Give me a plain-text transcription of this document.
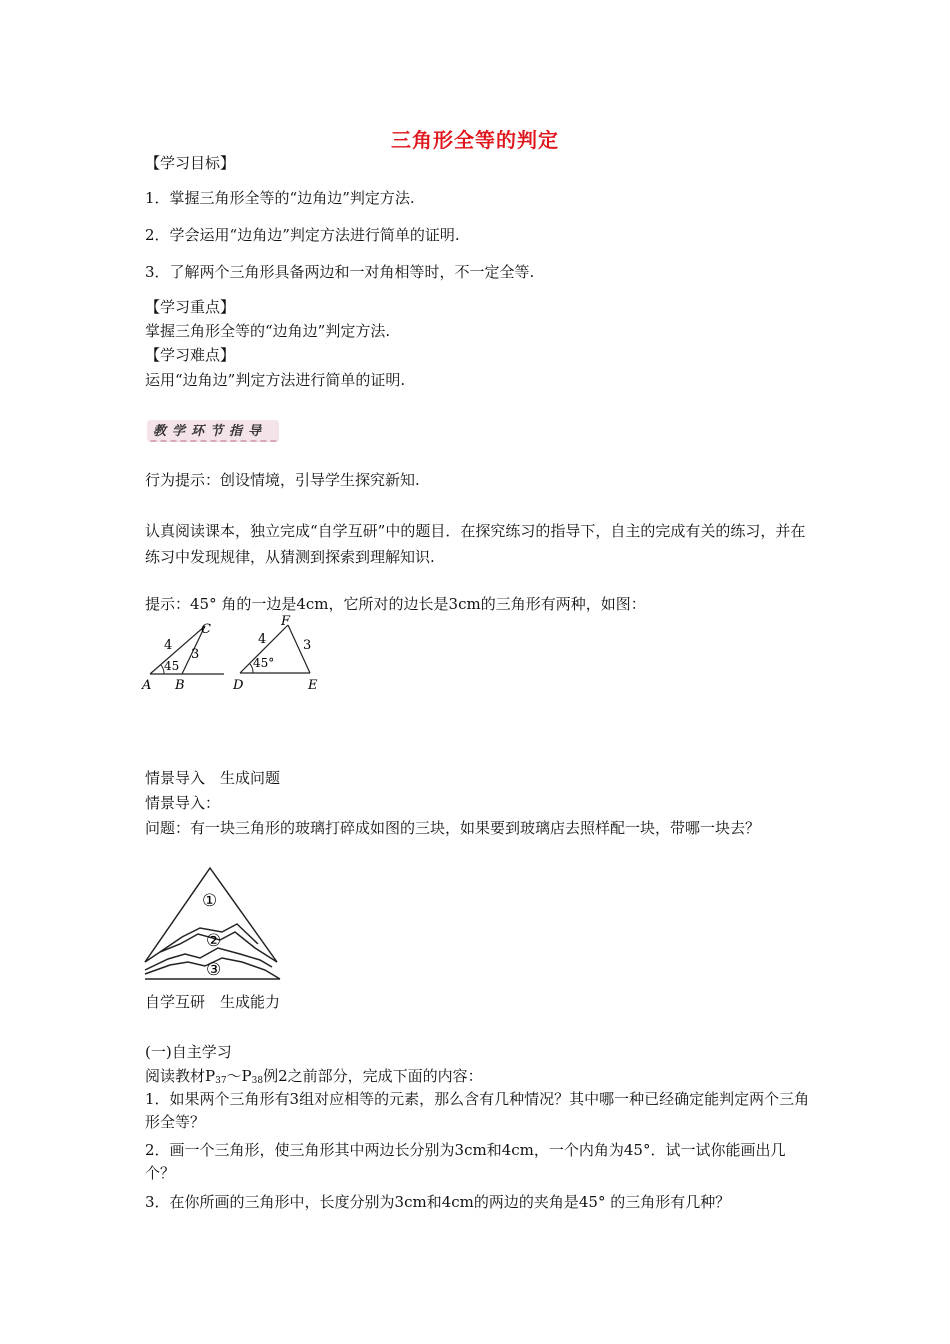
三角形全等的判定
【学习目标】
1．掌握三角形全等的“边角边”判定方法.
2．学会运用“边角边”判定方法进行简单的证明.
3．了解两个三角形具备两边和一对角相等时，不一定全等.
【学习重点】
掌握三角形全等的“边角边”判定方法.
【学习难点】
运用“边角边”判定方法进行简单的证明.
教学环节指导
行为提示：创设情境，引导学生探究新知.
认真阅读课本，独立完成“自学互研”中的题目．在探究练习的指导下，自主的完成有关的练习，并在练习中发现规律，从猜测到探索到理解知识.
提示：45° 角的一边是4cm，它所对的边长是3cm的三角形有两种，如图：
A B
C
4
3
45
D	E
F
4	3
45°
情景导入　生成问题
情景导入：
问题：有一块三角形的玻璃打碎成如图的三块，如果要到玻璃店去照样配一块，带哪一块去？
①
②
③
自学互研　生成能力
(一)自主学习
阅读教材$P_{37}\sim P_{38}$例2之前部分，完成下面的内容：
1．如果两个三角形有3组对应相等的元素，那么含有几种情况？其中哪一种已经确定能判定两个三角形全等？
2．画一个三角形，使三角形其中两边长分别为3cm和4cm，一个内角为45°．试一试你能画出几个？
3．在你所画的三角形中，长度分别为3cm和4cm的两边的夹角是45° 的三角形有几种？
